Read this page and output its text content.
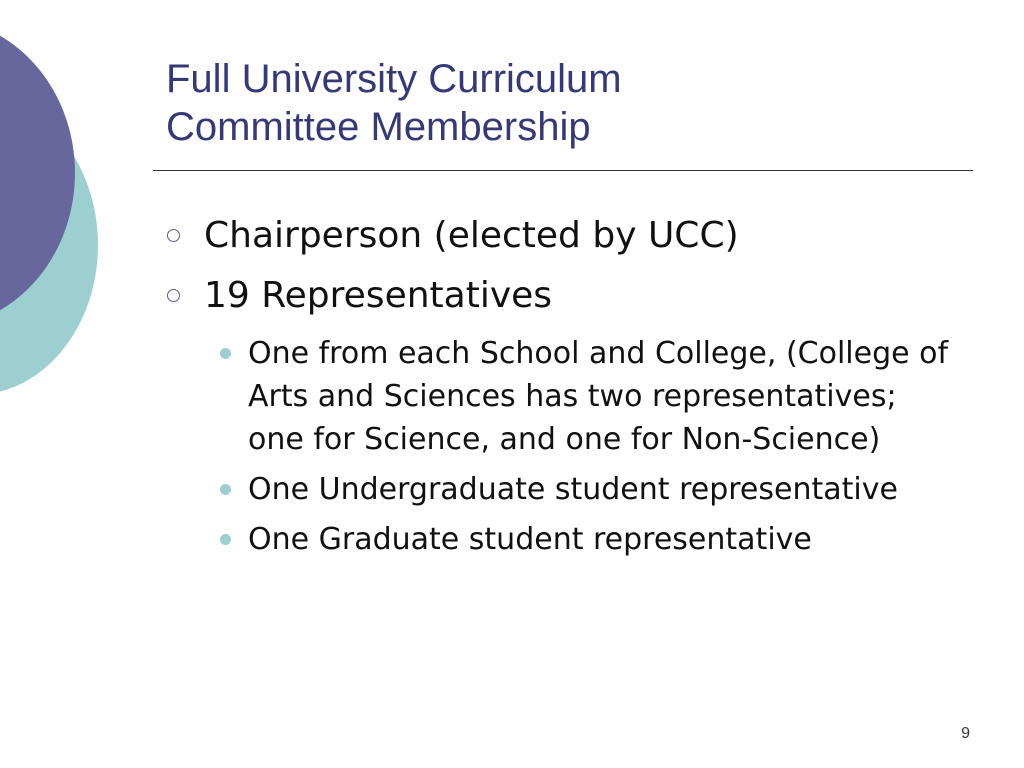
Full University Curriculum
Committee Membership
Chairperson (elected by UCC)
19 Representatives
One from each School and College, (College of Arts and Sciences has two representatives; one for Science, and one for Non-Science)
One Undergraduate student representative
One Graduate student representative
9
